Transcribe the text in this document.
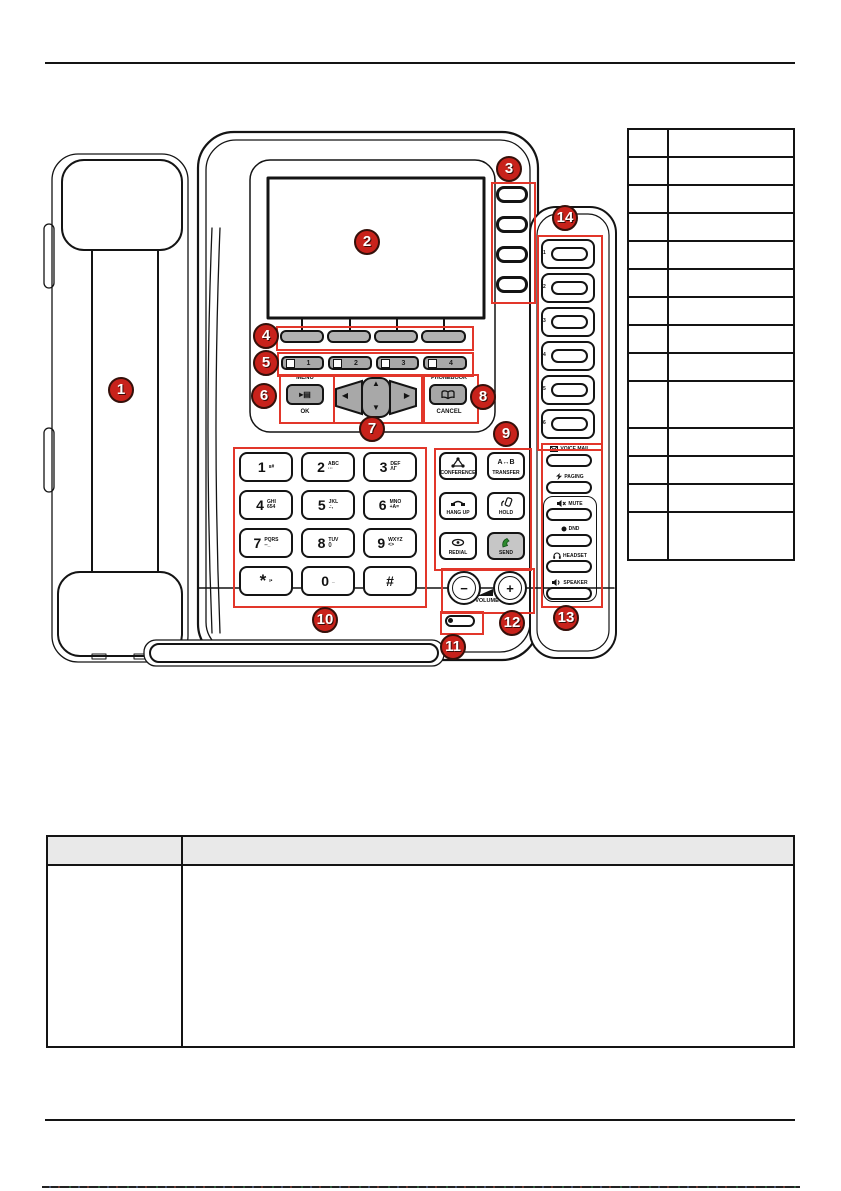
1	2	3	4
MENU
▸▤
OK
▲
▼
◀	▶
PHONEBOOK
CANCEL
CONFERENCE
A↔B
TRANSFER
HANG UP	HOLD
REDIAL	SEND
1 ıı#	2 ABC
···	3 DEF
ΛΓ
4 GHI
654	5 JKL
.:,	6 MNO
+A=
7 PQRS
--_	8 TUV
()	9 WXYZ
<>
* ı•	0 _	#	−	+
VOLUME
VOICE MAIL
PAGING
MUTE
DND
HEADSET
SPEAKER
1
2
3
4
5
6
1
2
3
4
5
6
7
8
9
10
11
12	13
14
